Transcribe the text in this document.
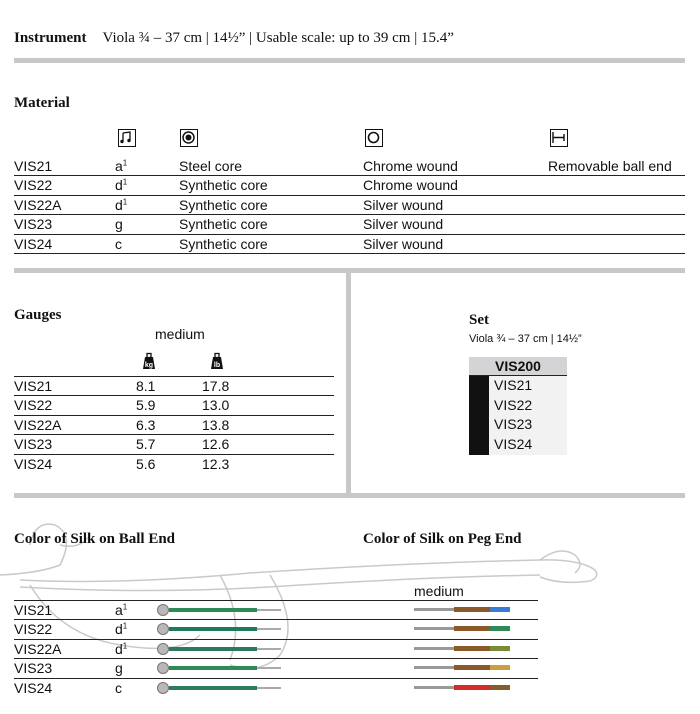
Instrument Viola ¾ – 37 cm | 14½” | Usable scale: up to 39 cm | 15.4”
Material
VIS21	$a^1$	Steel core	Chrome wound	Removable ball end
VIS22	$d^1$	Synthetic core	Chrome wound
VIS22A	$d^1$	Synthetic core	Silver wound
VIS23	g	Synthetic core	Silver wound
VIS24	c	Synthetic core	Silver wound
Gauges
medium
kg	lb
VIS21	8.1	17.8
VIS22	5.9	13.0
VIS22A	6.3	13.8
VIS23	5.7	12.6
VIS24	5.6	12.3
Set
Viola ¾ – 37 cm | 14½”
VIS200
VIS21
VIS22
VIS23
VIS24
Color of Silk on Ball End	Color of Silk on Peg End
medium
VIS21	$a^1$
VIS22	$d^1$
VIS22A	$d^1$
VIS23	g
VIS24	c
